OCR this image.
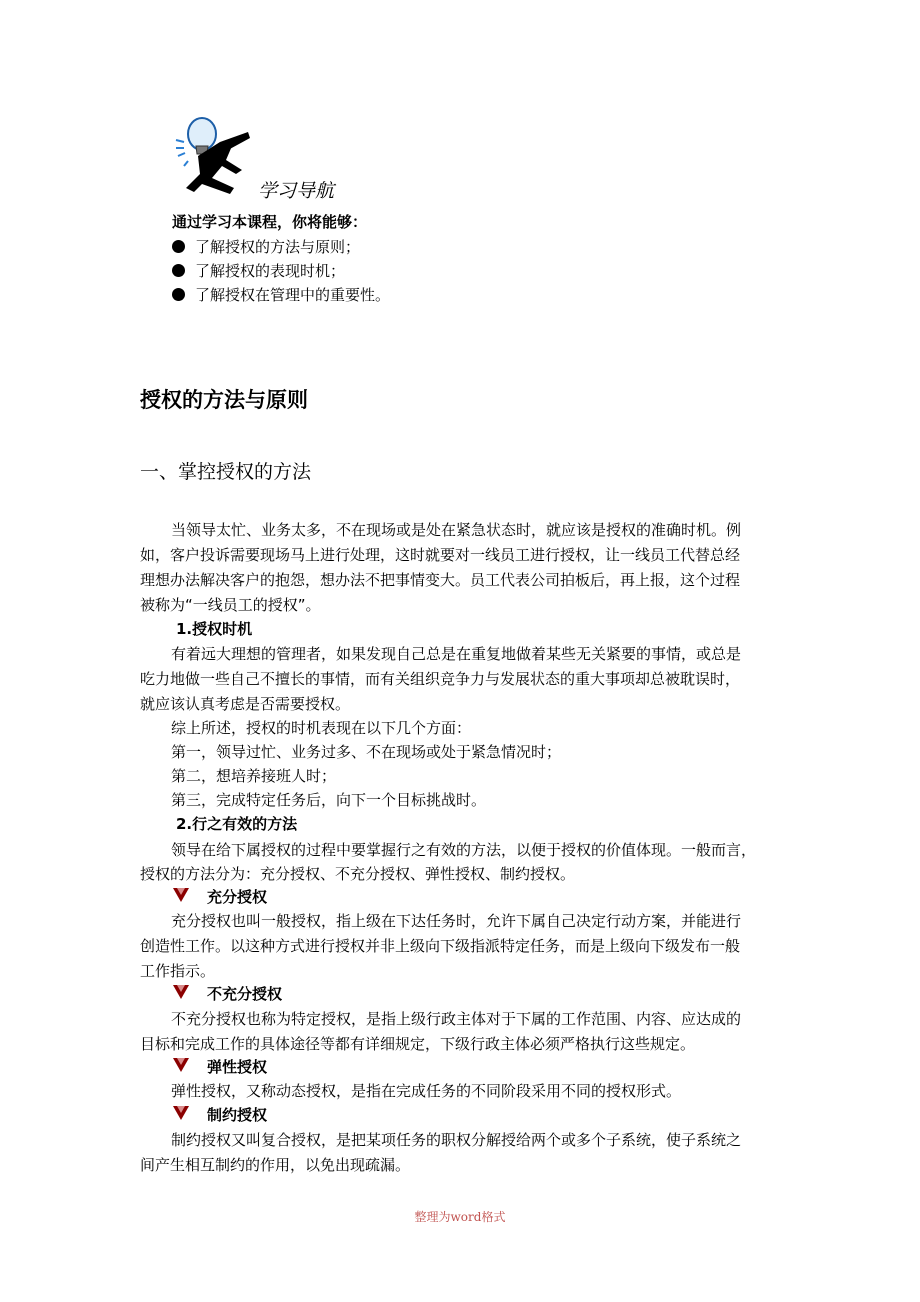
学习导航
通过学习本课程，你将能够：
了解授权的方法与原则；
了解授权的表现时机；
了解授权在管理中的重要性。
授权的方法与原则
一、掌控授权的方法
当领导太忙、业务太多，不在现场或是处在紧急状态时，就应该是授权的准确时机。例
如，客户投诉需要现场马上进行处理，这时就要对一线员工进行授权，让一线员工代替总经
理想办法解决客户的抱怨，想办法不把事情变大。员工代表公司拍板后，再上报，这个过程
被称为“一线员工的授权”。
1.授权时机
有着远大理想的管理者，如果发现自己总是在重复地做着某些无关紧要的事情，或总是
吃力地做一些自己不擅长的事情，而有关组织竞争力与发展状态的重大事项却总被耽误时，
就应该认真考虑是否需要授权。
综上所述，授权的时机表现在以下几个方面：
第一，领导过忙、业务过多、不在现场或处于紧急情况时；
第二，想培养接班人时；
第三，完成特定任务后，向下一个目标挑战时。
2.行之有效的方法
领导在给下属授权的过程中要掌握行之有效的方法，以便于授权的价值体现。一般而言，
授权的方法分为：充分授权、不充分授权、弹性授权、制约授权。
充分授权
充分授权也叫一般授权，指上级在下达任务时，允许下属自己决定行动方案，并能进行
创造性工作。以这种方式进行授权并非上级向下级指派特定任务，而是上级向下级发布一般
工作指示。
不充分授权
不充分授权也称为特定授权，是指上级行政主体对于下属的工作范围、内容、应达成的
目标和完成工作的具体途径等都有详细规定，下级行政主体必须严格执行这些规定。
弹性授权
弹性授权，又称动态授权，是指在完成任务的不同阶段采用不同的授权形式。
制约授权
制约授权又叫复合授权，是把某项任务的职权分解授给两个或多个子系统，使子系统之
间产生相互制约的作用，以免出现疏漏。
整理为word格式
